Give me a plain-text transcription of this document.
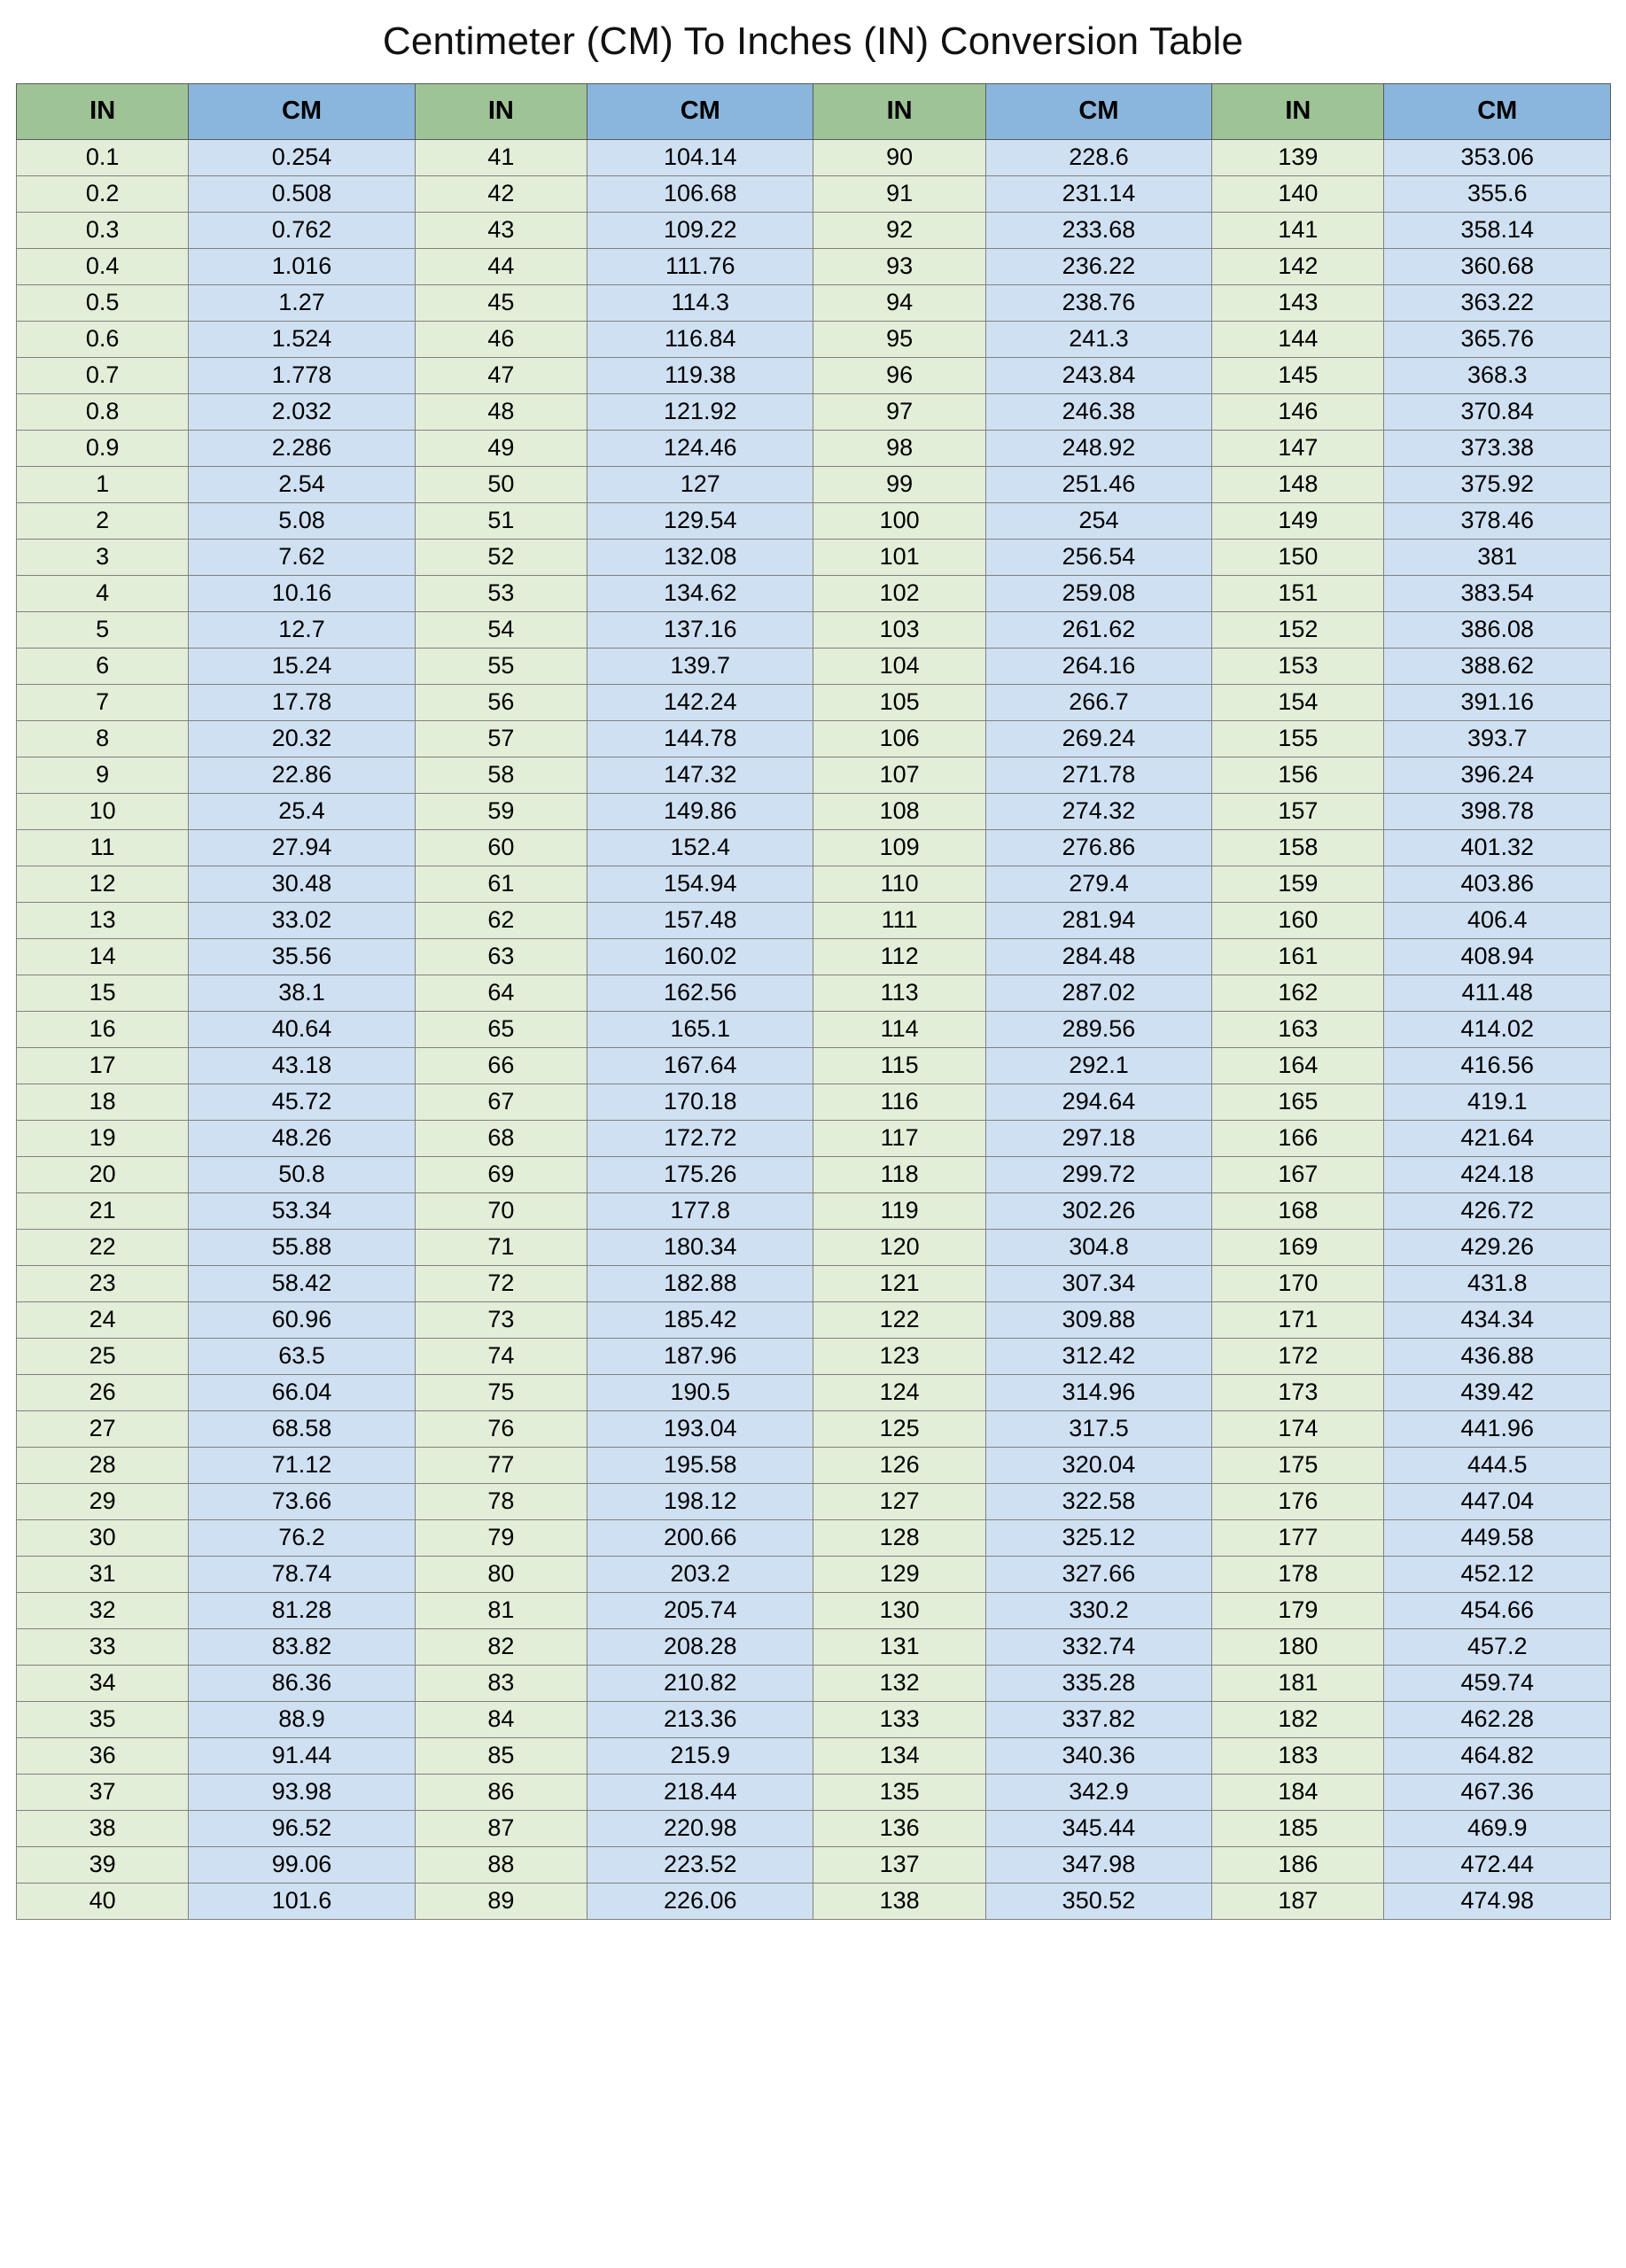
Centimeter (CM) To Inches (IN) Conversion Table
IN	CM	IN	CM	IN	CM	IN	CM
0.1	0.254	41	104.14	90	228.6	139	353.06
0.2	0.508	42	106.68	91	231.14	140	355.6
0.3	0.762	43	109.22	92	233.68	141	358.14
0.4	1.016	44	111.76	93	236.22	142	360.68
0.5	1.27	45	114.3	94	238.76	143	363.22
0.6	1.524	46	116.84	95	241.3	144	365.76
0.7	1.778	47	119.38	96	243.84	145	368.3
0.8	2.032	48	121.92	97	246.38	146	370.84
0.9	2.286	49	124.46	98	248.92	147	373.38
1	2.54	50	127	99	251.46	148	375.92
2	5.08	51	129.54	100	254	149	378.46
3	7.62	52	132.08	101	256.54	150	381
4	10.16	53	134.62	102	259.08	151	383.54
5	12.7	54	137.16	103	261.62	152	386.08
6	15.24	55	139.7	104	264.16	153	388.62
7	17.78	56	142.24	105	266.7	154	391.16
8	20.32	57	144.78	106	269.24	155	393.7
9	22.86	58	147.32	107	271.78	156	396.24
10	25.4	59	149.86	108	274.32	157	398.78
11	27.94	60	152.4	109	276.86	158	401.32
12	30.48	61	154.94	110	279.4	159	403.86
13	33.02	62	157.48	111	281.94	160	406.4
14	35.56	63	160.02	112	284.48	161	408.94
15	38.1	64	162.56	113	287.02	162	411.48
16	40.64	65	165.1	114	289.56	163	414.02
17	43.18	66	167.64	115	292.1	164	416.56
18	45.72	67	170.18	116	294.64	165	419.1
19	48.26	68	172.72	117	297.18	166	421.64
20	50.8	69	175.26	118	299.72	167	424.18
21	53.34	70	177.8	119	302.26	168	426.72
22	55.88	71	180.34	120	304.8	169	429.26
23	58.42	72	182.88	121	307.34	170	431.8
24	60.96	73	185.42	122	309.88	171	434.34
25	63.5	74	187.96	123	312.42	172	436.88
26	66.04	75	190.5	124	314.96	173	439.42
27	68.58	76	193.04	125	317.5	174	441.96
28	71.12	77	195.58	126	320.04	175	444.5
29	73.66	78	198.12	127	322.58	176	447.04
30	76.2	79	200.66	128	325.12	177	449.58
31	78.74	80	203.2	129	327.66	178	452.12
32	81.28	81	205.74	130	330.2	179	454.66
33	83.82	82	208.28	131	332.74	180	457.2
34	86.36	83	210.82	132	335.28	181	459.74
35	88.9	84	213.36	133	337.82	182	462.28
36	91.44	85	215.9	134	340.36	183	464.82
37	93.98	86	218.44	135	342.9	184	467.36
38	96.52	87	220.98	136	345.44	185	469.9
39	99.06	88	223.52	137	347.98	186	472.44
40	101.6	89	226.06	138	350.52	187	474.98
